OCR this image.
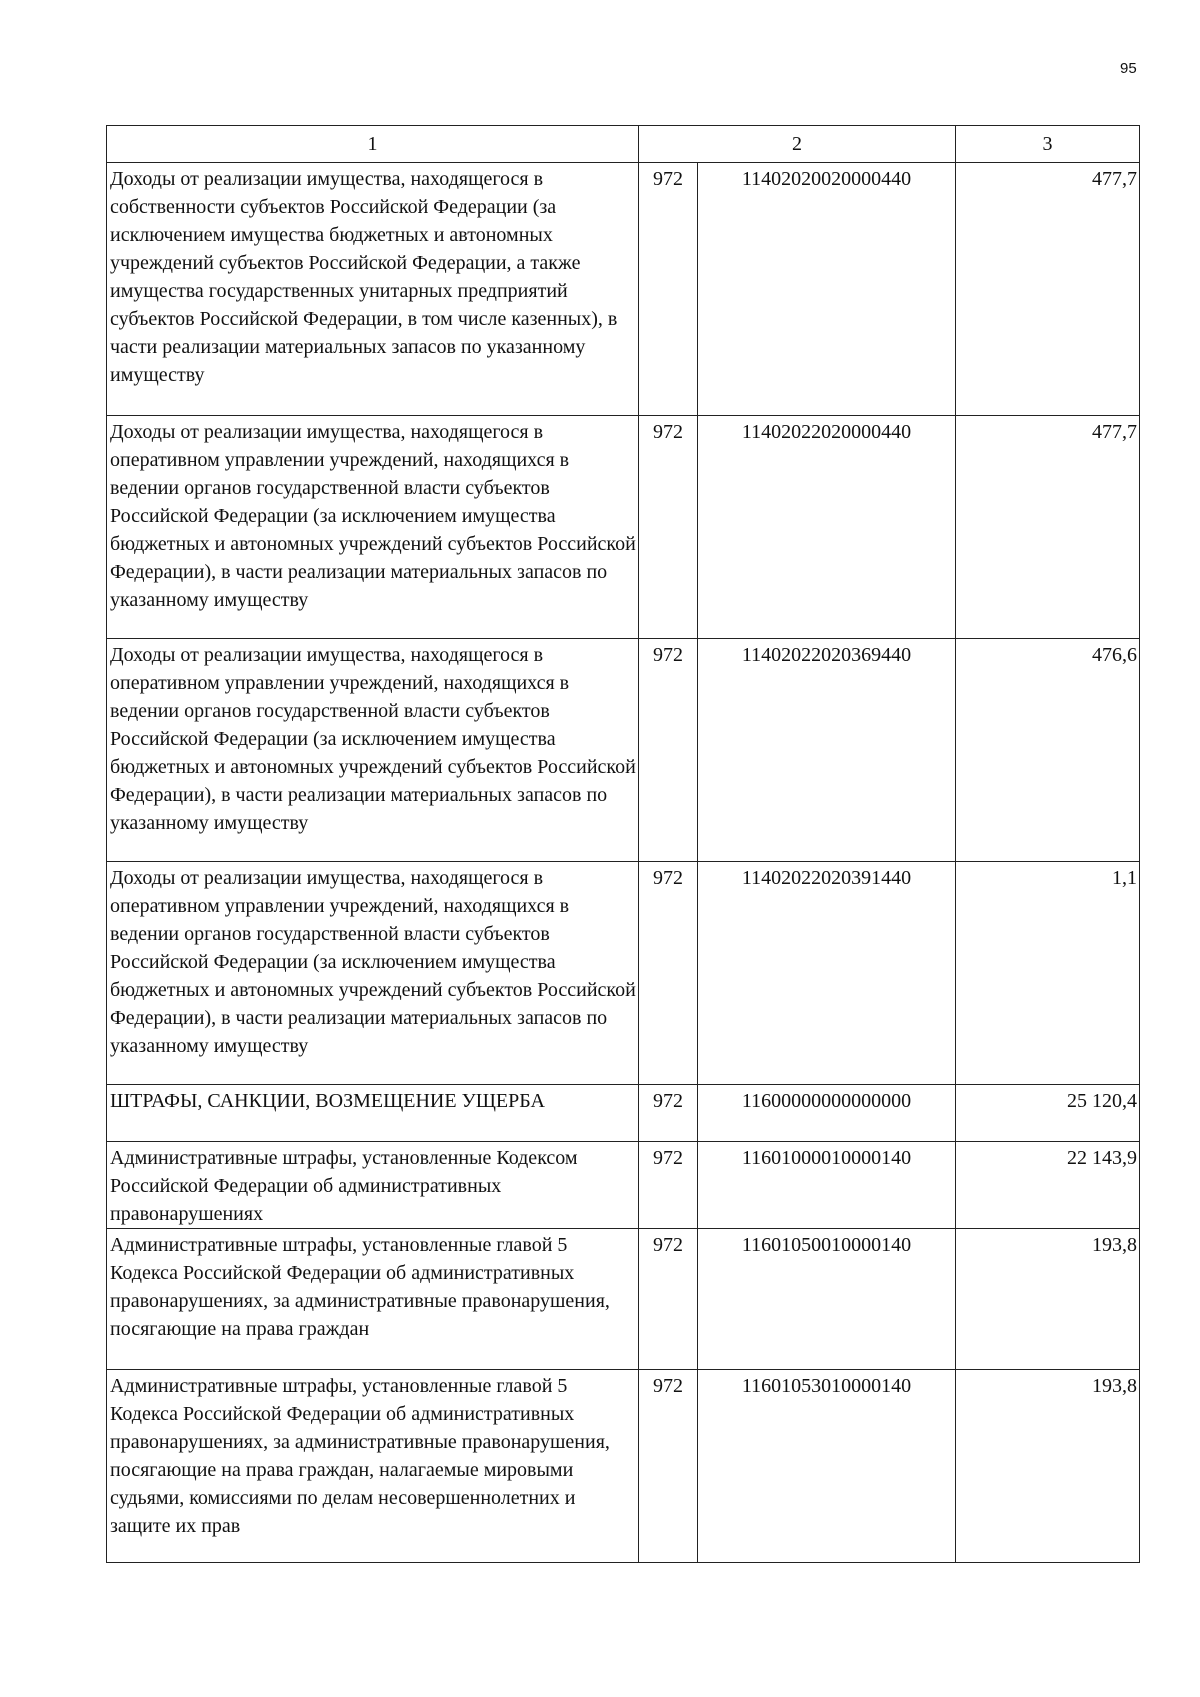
95
1	2		3

Доходы от реализации имущества, находящегося в собственности субъектов Российской Федерации (за исключением имущества бюджетных и автономных учреждений субъектов Российской Федерации, а также имущества государственных унитарных предприятий субъектов Российской Федерации, в том числе казенных), в части реализации материальных запасов по указанному имуществу	972	11402020020000440	477,7

Доходы от реализации имущества, находящегося в оперативном управлении учреждений, находящихся в ведении органов государственной власти субъектов Российской Федерации (за исключением имущества бюджетных и автономных учреждений субъектов Российской Федерации), в части реализации материальных запасов по указанному имуществу	972	11402022020000440	477,7

Доходы от реализации имущества, находящегося в оперативном управлении учреждений, находящихся в ведении органов государственной власти субъектов Российской Федерации (за исключением имущества бюджетных и автономных учреждений субъектов Российской Федерации), в части реализации материальных запасов по указанному имуществу	972	11402022020369440	476,6

Доходы от реализации имущества, находящегося в оперативном управлении учреждений, находящихся в ведении органов государственной власти субъектов Российской Федерации (за исключением имущества бюджетных и автономных учреждений субъектов Российской Федерации), в части реализации материальных запасов по указанному имуществу	972	11402022020391440	1,1

ШТРАФЫ, САНКЦИИ, ВОЗМЕЩЕНИЕ УЩЕРБА	972	11600000000000000	25 120,4

Административные штрафы, установленные Кодексом Российской Федерации об административных правонарушениях	972	11601000010000140	22 143,9

Административные штрафы, установленные главой 5 Кодекса Российской Федерации об административных правонарушениях, за административные правонарушения, посягающие на права граждан	972	11601050010000140	193,8

Административные штрафы, установленные главой 5 Кодекса Российской Федерации об административных правонарушениях, за административные правонарушения, посягающие на права граждан, налагаемые мировыми судьями, комиссиями по делам несовершеннолетних и защите их прав	972	11601053010000140	193,8
